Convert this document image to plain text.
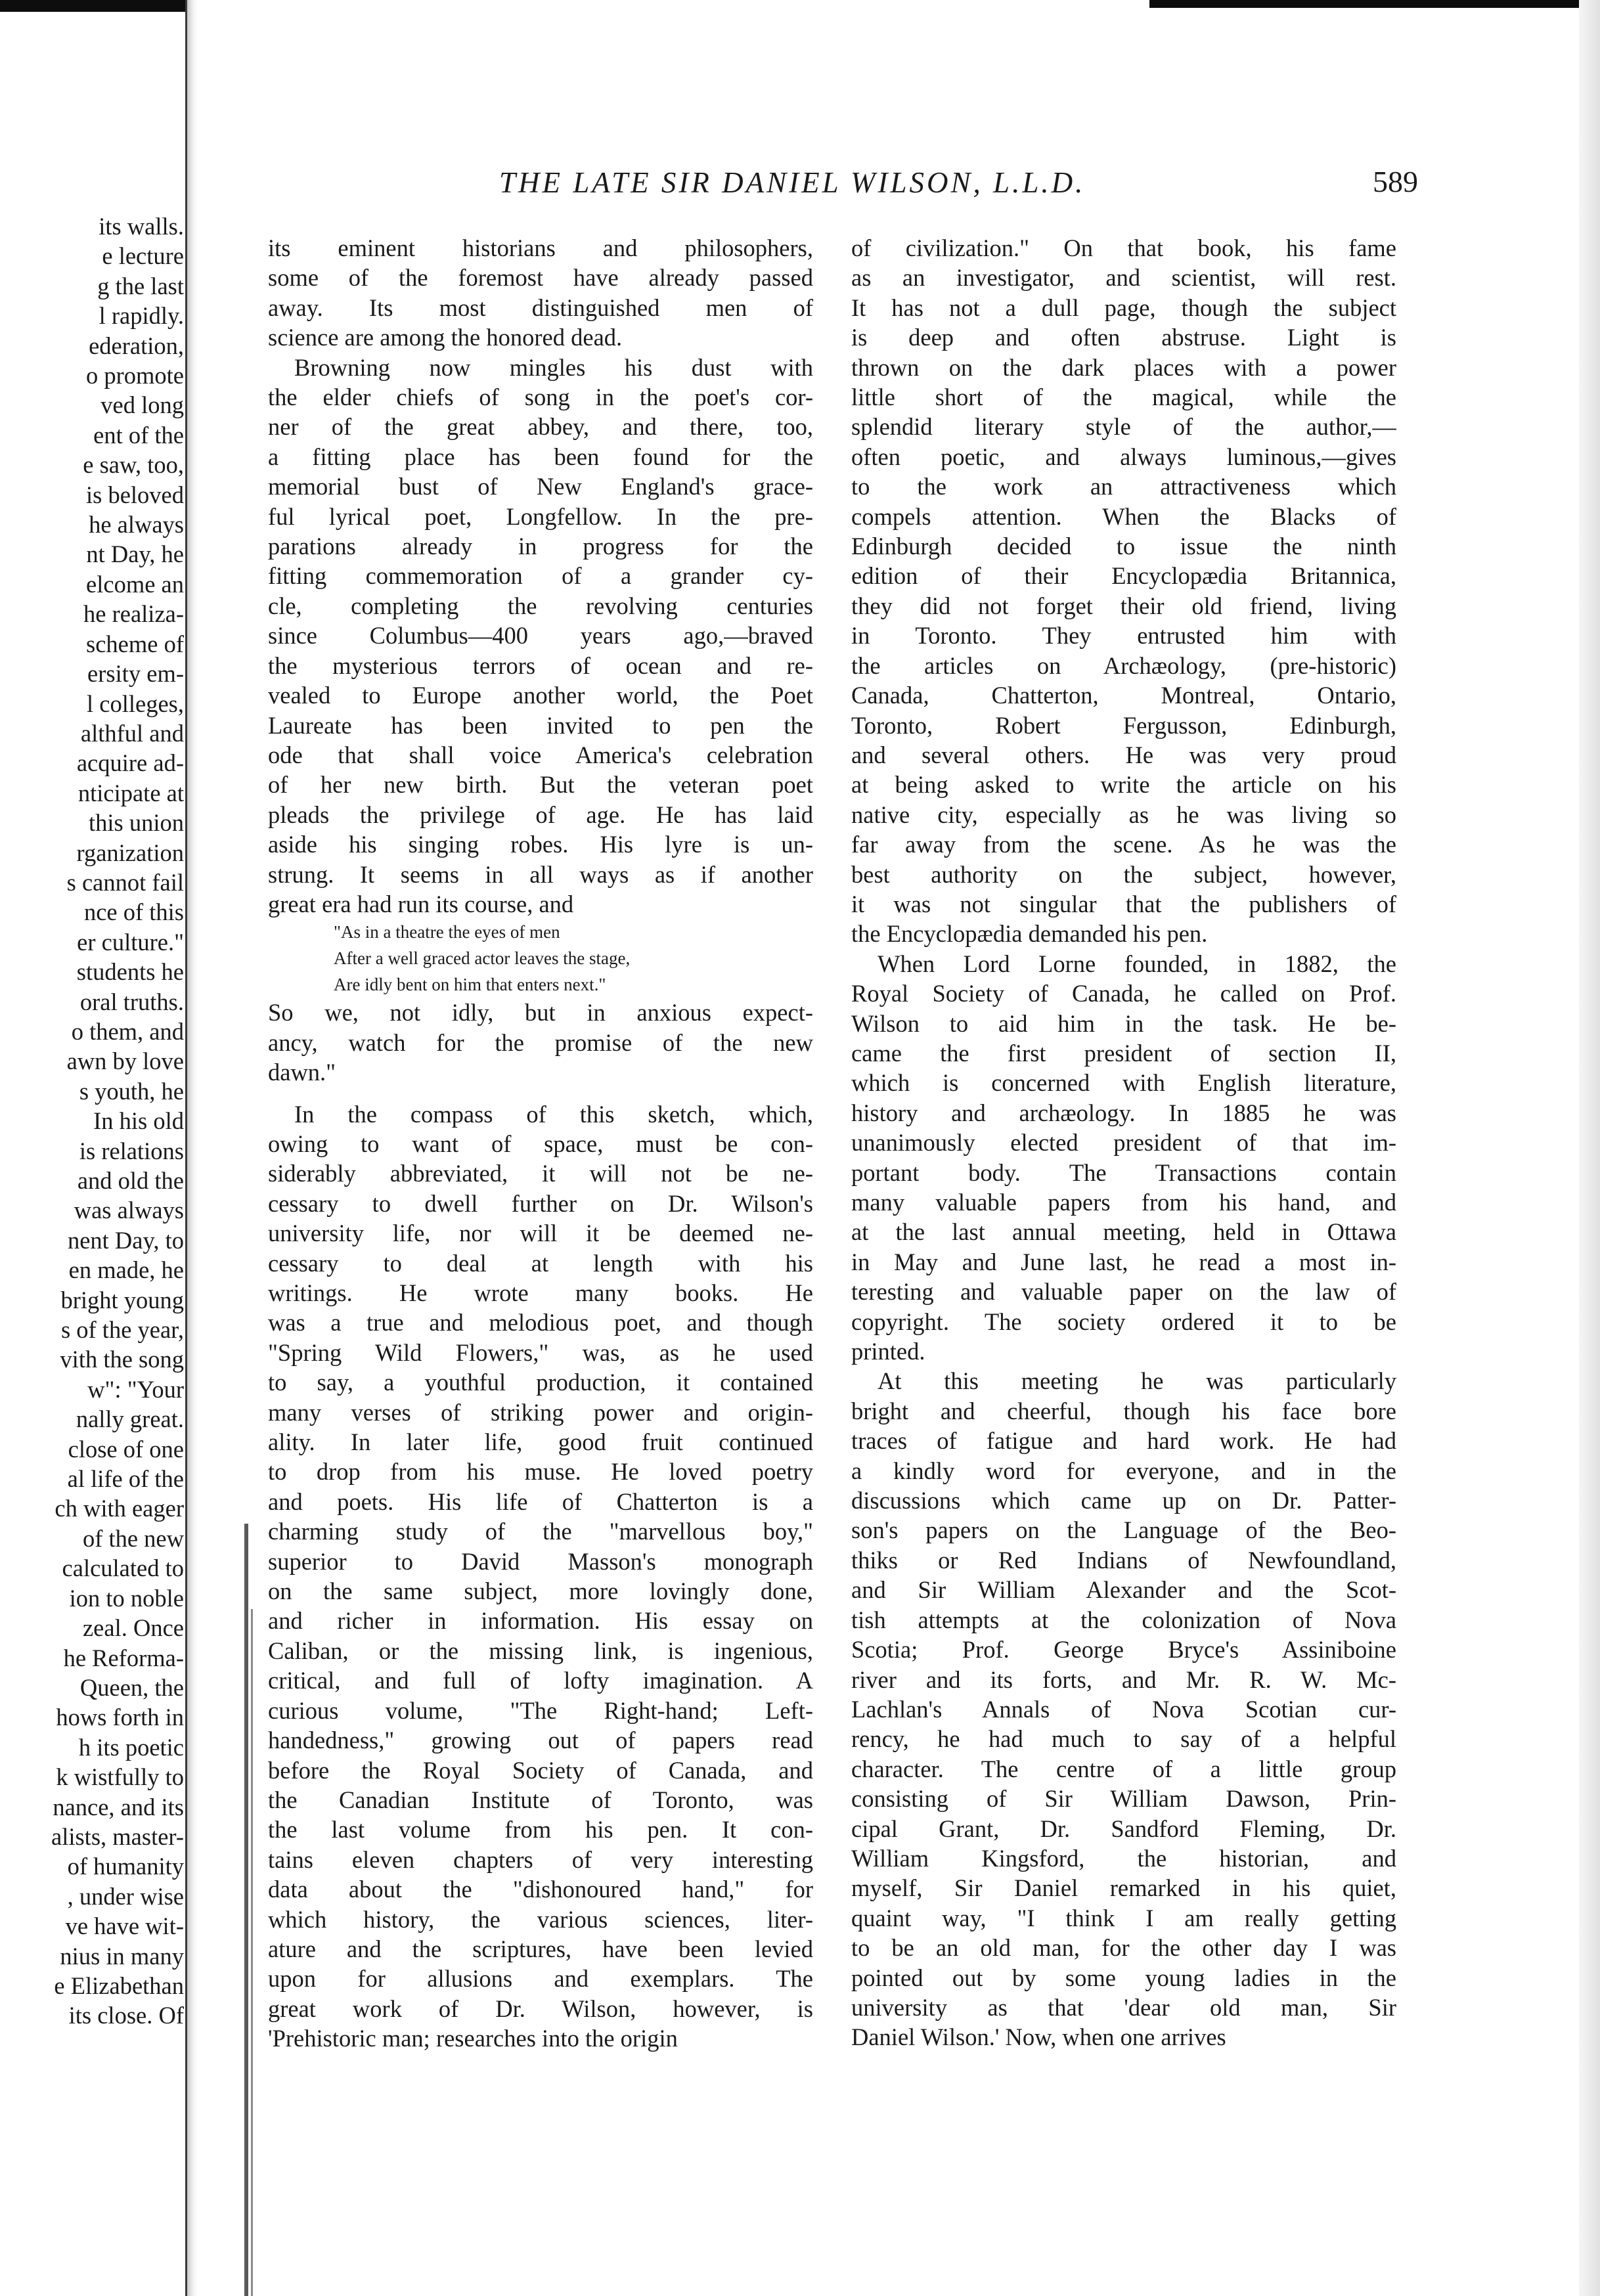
THE LATE SIR DANIEL WILSON, L.L.D.	589
its walls.
e lecture
g the last
l rapidly.
ederation,
o promote
ved long
ent of the
e saw, too,
is beloved
he always
nt Day, he
elcome an
he realiza-
scheme of
ersity em-
l colleges,
althful and
acquire ad-
nticipate at
this union
rganization
s cannot fail
nce of this
er culture."
students he
oral truths.
o them, and
awn by love
s youth, he
In his old
is relations
and old the
was always
nent Day, to
en made, he
bright young
s of the year,
vith the song
w": "Your
nally great.
close of one
al life of the
ch with eager
of the new
calculated to
ion to noble
zeal. Once
he Reforma-
Queen, the
hows forth in
h its poetic
k wistfully to
nance, and its
alists, master-
of humanity
, under wise
ve have wit-
nius in many
e Elizabethan
its close. Of
its eminent historians and philosophers,
some of the foremost have already passed
away. Its most distinguished men of
science are among the honored dead.
Browning now mingles his dust with
the elder chiefs of song in the poet's cor-
ner of the great abbey, and there, too,
a fitting place has been found for the
memorial bust of New England's grace-
ful lyrical poet, Longfellow. In the pre-
parations already in progress for the
fitting commemoration of a grander cy-
cle, completing the revolving centuries
since Columbus—400 years ago,—braved
the mysterious terrors of ocean and re-
vealed to Europe another world, the Poet
Laureate has been invited to pen the
ode that shall voice America's celebration
of her new birth. But the veteran poet
pleads the privilege of age. He has laid
aside his singing robes. His lyre is un-
strung. It seems in all ways as if another
great era had run its course, and
"As in a theatre the eyes of men
After a well graced actor leaves the stage,
Are idly bent on him that enters next."
So we, not idly, but in anxious expect-
ancy, watch for the promise of the new
dawn."
In the compass of this sketch, which,
owing to want of space, must be con-
siderably abbreviated, it will not be ne-
cessary to dwell further on Dr. Wilson's
university life, nor will it be deemed ne-
cessary to deal at length with his
writings. He wrote many books. He
was a true and melodious poet, and though
"Spring Wild Flowers," was, as he used
to say, a youthful production, it contained
many verses of striking power and origin-
ality. In later life, good fruit continued
to drop from his muse. He loved poetry
and poets. His life of Chatterton is a
charming study of the "marvellous boy,"
superior to David Masson's monograph
on the same subject, more lovingly done,
and richer in information. His essay on
Caliban, or the missing link, is ingenious,
critical, and full of lofty imagination. A
curious volume, "The Right-hand; Left-
handedness," growing out of papers read
before the Royal Society of Canada, and
the Canadian Institute of Toronto, was
the last volume from his pen. It con-
tains eleven chapters of very interesting
data about the "dishonoured hand," for
which history, the various sciences, liter-
ature and the scriptures, have been levied
upon for allusions and exemplars. The
great work of Dr. Wilson, however, is
'Prehistoric man; researches into the origin
of civilization." On that book, his fame
as an investigator, and scientist, will rest.
It has not a dull page, though the subject
is deep and often abstruse. Light is
thrown on the dark places with a power
little short of the magical, while the
splendid literary style of the author,—
often poetic, and always luminous,—gives
to the work an attractiveness which
compels attention. When the Blacks of
Edinburgh decided to issue the ninth
edition of their Encyclopædia Britannica,
they did not forget their old friend, living
in Toronto. They entrusted him with
the articles on Archæology, (pre-historic)
Canada, Chatterton, Montreal, Ontario,
Toronto, Robert Fergusson, Edinburgh,
and several others. He was very proud
at being asked to write the article on his
native city, especially as he was living so
far away from the scene. As he was the
best authority on the subject, however,
it was not singular that the publishers of
the Encyclopædia demanded his pen.
When Lord Lorne founded, in 1882, the
Royal Society of Canada, he called on Prof.
Wilson to aid him in the task. He be-
came the first president of section II,
which is concerned with English literature,
history and archæology. In 1885 he was
unanimously elected president of that im-
portant body. The Transactions contain
many valuable papers from his hand, and
at the last annual meeting, held in Ottawa
in May and June last, he read a most in-
teresting and valuable paper on the law of
copyright. The society ordered it to be
printed.
At this meeting he was particularly
bright and cheerful, though his face bore
traces of fatigue and hard work. He had
a kindly word for everyone, and in the
discussions which came up on Dr. Patter-
son's papers on the Language of the Beo-
thiks or Red Indians of Newfoundland,
and Sir William Alexander and the Scot-
tish attempts at the colonization of Nova
Scotia; Prof. George Bryce's Assiniboine
river and its forts, and Mr. R. W. Mc-
Lachlan's Annals of Nova Scotian cur-
rency, he had much to say of a helpful
character. The centre of a little group
consisting of Sir William Dawson, Prin-
cipal Grant, Dr. Sandford Fleming, Dr.
William Kingsford, the historian, and
myself, Sir Daniel remarked in his quiet,
quaint way, "I think I am really getting
to be an old man, for the other day I was
pointed out by some young ladies in the
university as that 'dear old man, Sir
Daniel Wilson.' Now, when one arrives
